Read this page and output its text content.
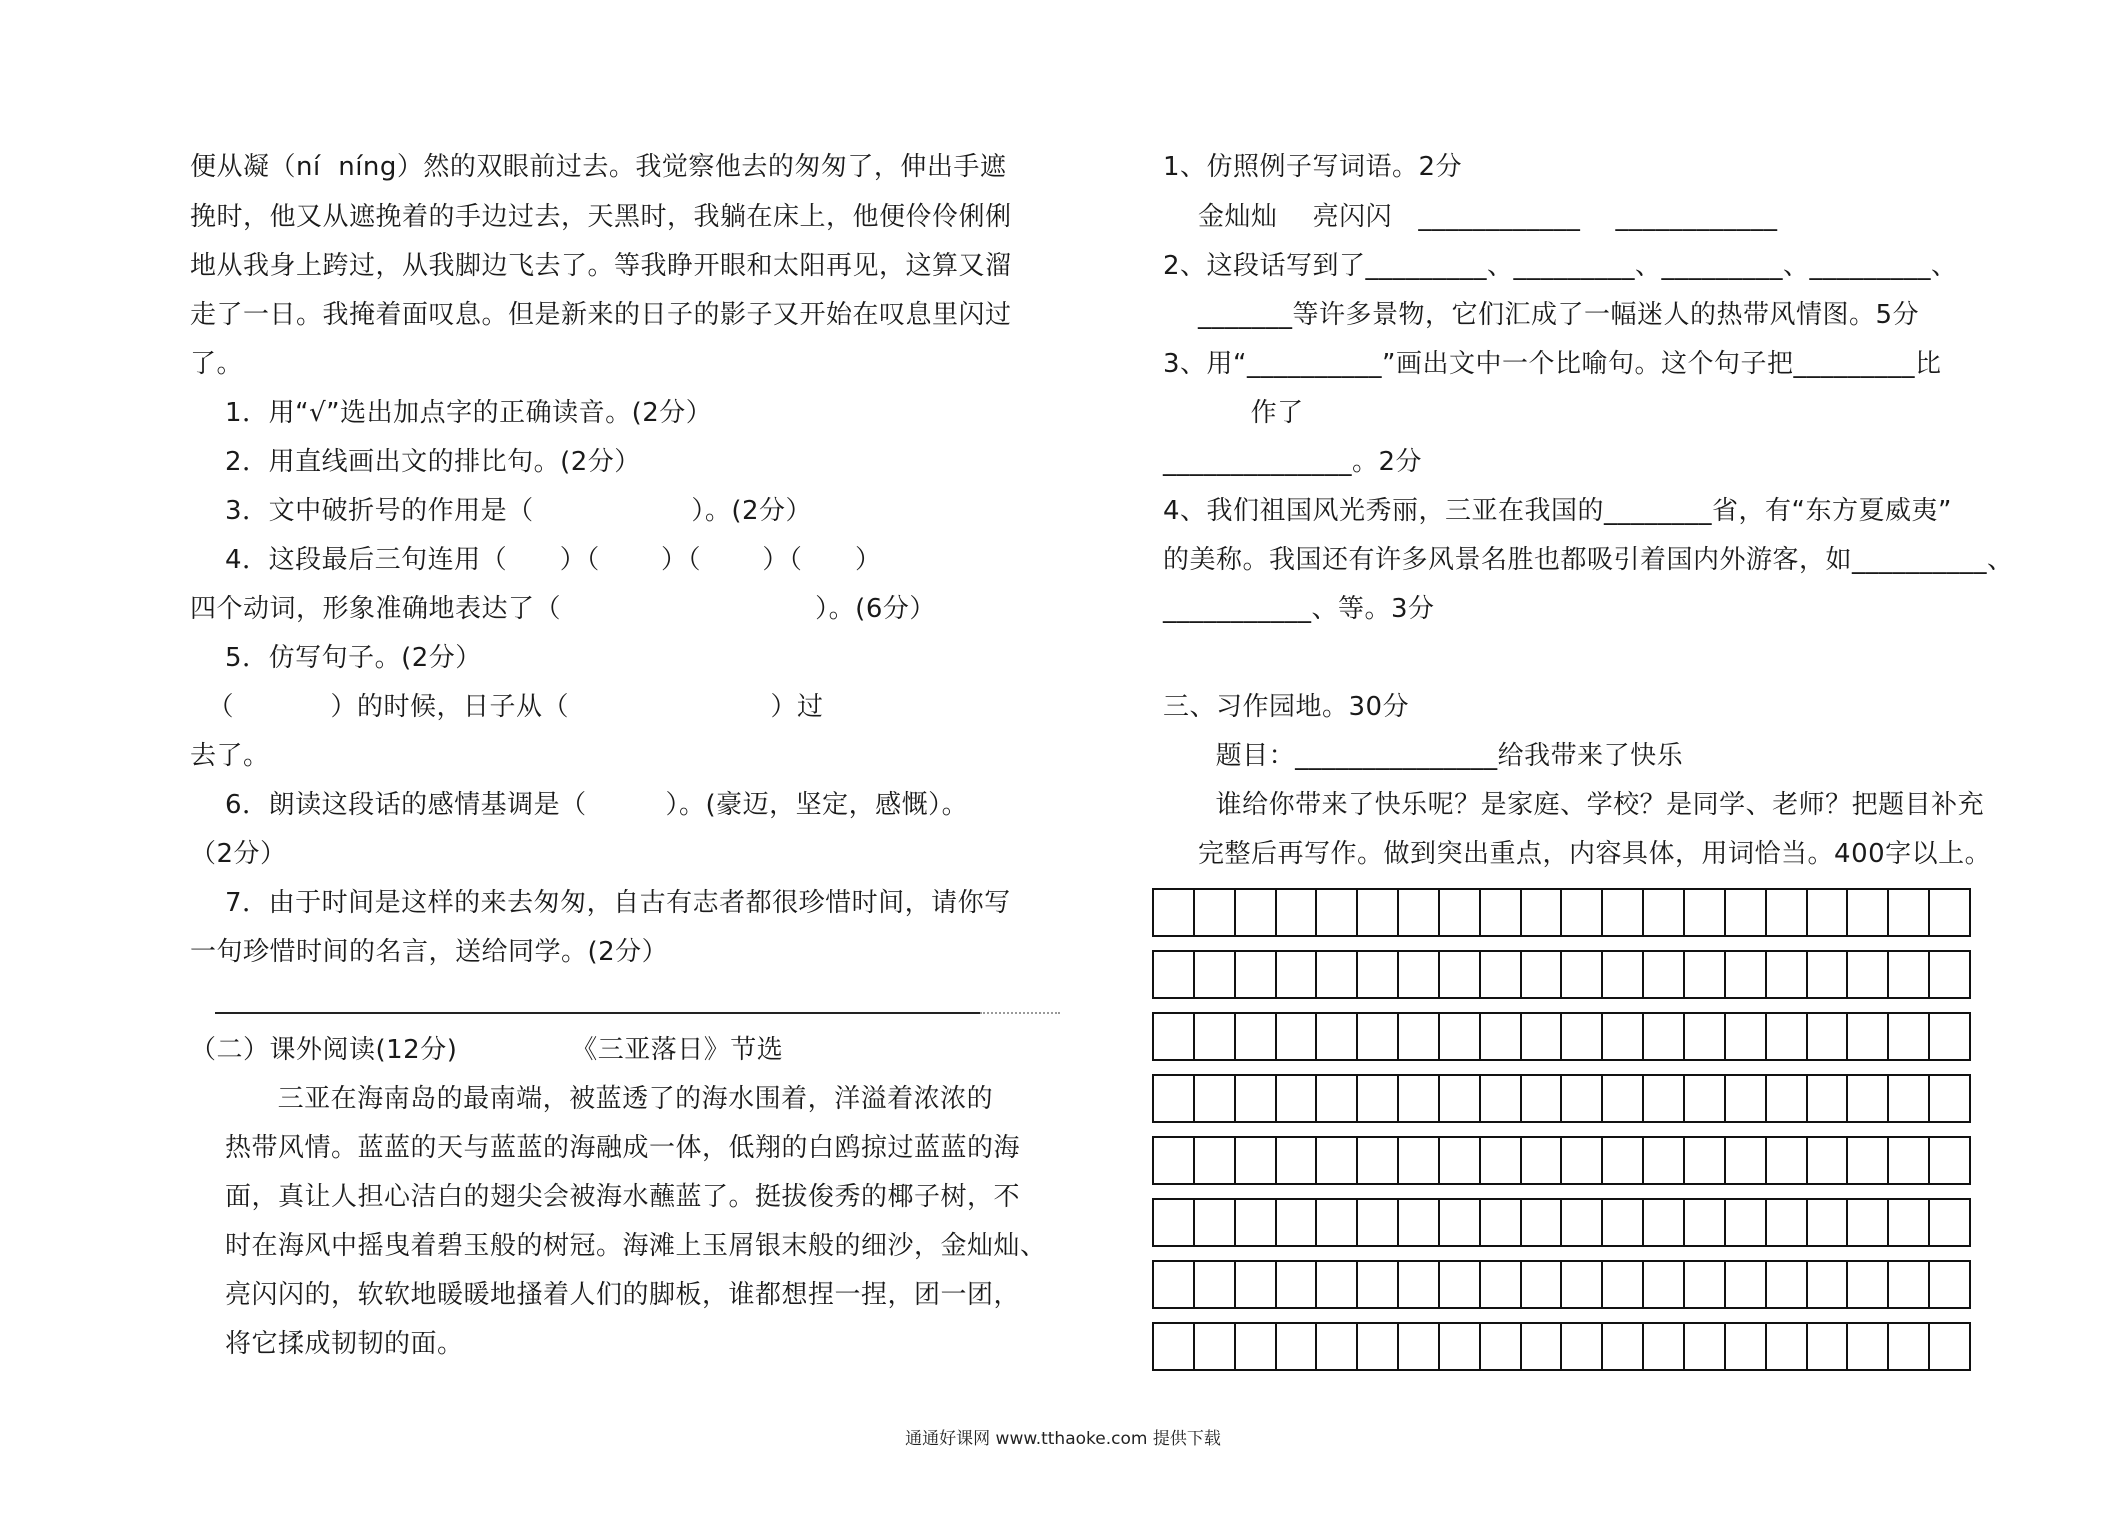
便从凝（nı́  nı́ng）然的双眼前过去。我觉察他去的匆匆了，伸出手遮
挽时，他又从遮挽着的手边过去，天黑时，我躺在床上，他便伶伶俐俐
地从我身上跨过，从我脚边飞去了。等我睁开眼和太阳再见，这算又溜
走了一日。我掩着面叹息。但是新来的日子的影子又开始在叹息里闪过
了。
1．用“√”选出加点字的正确读音。(2分）
2．用直线画出文的排比句。(2分）
3．文中破折号的作用是（                  ）。(2分）
4．这段最后三句连用（      ）（       ）（       ）（      ）
四个动词，形象准确地表达了（                             ）。(6分）
5．仿写句子。(2分）
（           ）的时候，日子从（                       ）过
去了。
6．朗读这段话的感情基调是（         ）。(豪迈，坚定，感慨）。
（2分）
7．由于时间是这样的来去匆匆，自古有志者都很珍惜时间，请你写
一句珍惜时间的名言，送给同学。(2分）
（二）课外阅读(12分)             《三亚落日》节选
三亚在海南岛的最南端，被蓝透了的海水围着，洋溢着浓浓的
热带风情。蓝蓝的天与蓝蓝的海融成一体，低翔的白鸥掠过蓝蓝的海
面，真让人担心洁白的翅尖会被海水蘸蓝了。挺拔俊秀的椰子树，不
时在海风中摇曳着碧玉般的树冠。海滩上玉屑银末般的细沙，金灿灿、
亮闪闪的，软软地暖暖地搔着人们的脚板，谁都想捏一捏，团一团，
将它揉成韧韧的面。
1、仿照例子写词语。2分
金灿灿    亮闪闪   ____________    ____________
2、这段话写到了_________、_________、_________、_________、
_______等许多景物，它们汇成了一幅迷人的热带风情图。5分
3、用“__________”画出文中一个比喻句。这个句子把_________比
作了
______________。2分
4、我们祖国风光秀丽，三亚在我国的________省，有“东方夏威夷”
的美称。我国还有许多风景名胜也都吸引着国内外游客，如__________、
___________、等。3分
三、习作园地。30分
题目：_______________给我带来了快乐
谁给你带来了快乐呢？是家庭、学校？是同学、老师？把题目补充
完整后再写作。做到突出重点，内容具体，用词恰当。400字以上。
通通好课网 www.tthaoke.com 提供下载
